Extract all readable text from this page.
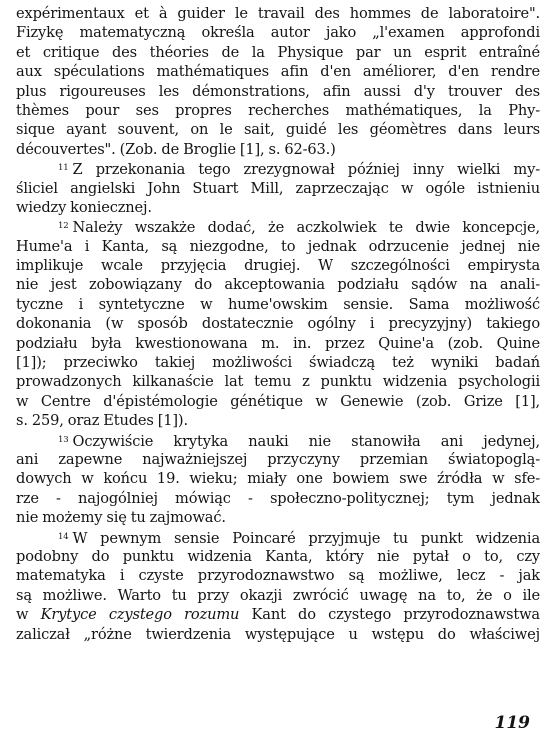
expérimentaux et à guider le travail des hommes de laboratoire".
Fizykę matematyczną określa autor jako „l'examen approfondi
et critique des théories de la Physique par un esprit entraîné
aux spéculations mathématiques afin d'en améliorer, d'en rendre
plus rigoureuses les démonstrations, afin aussi d'y trouver des
thèmes pour ses propres recherches mathématiques, la Phy-
sique ayant souvent, on le sait, guidé les géomètres dans leurs
découvertes". (Zob. de Broglie [1], s. 62-63.)
$^{11}$ Z przekonania tego zrezygnował później inny wielki my-
śliciel angielski John Stuart Mill, zaprzeczając w ogóle istnieniu
wiedzy koniecznej.
$^{12}$ Należy wszakże dodać, że aczkolwiek te dwie koncepcje,
Hume'a i Kanta, są niezgodne, to jednak odrzucenie jednej nie
implikuje wcale przyjęcia drugiej. W szczególności empirysta
nie jest zobowiązany do akceptowania podziału sądów na anali-
tyczne i syntetyczne w hume'owskim sensie. Sama możliwość
dokonania (w sposób dostatecznie ogólny i precyzyjny) takiego
podziału była kwestionowana m. in. przez Quine'a (zob. Quine
[1]); przeciwko takiej możliwości świadczą też wyniki badań
prowadzonych kilkanaście lat temu z punktu widzenia psychologii
w Centre d'épistémologie génétique w Genewie (zob. Grize [1],
s. 259, oraz Etudes [1]).
$^{13}$ Oczywiście krytyka nauki nie stanowiła ani jedynej,
ani zapewne najważniejszej przyczyny przemian światopoglą-
dowych w końcu 19. wieku; miały one bowiem swe źródła w sfe-
rze - najogólniej mówiąc - społeczno-politycznej; tym jednak
nie możemy się tu zajmować.
$^{14}$ W pewnym sensie Poincaré przyjmuje tu punkt widzenia
podobny do punktu widzenia Kanta, który nie pytał o to, czy
matematyka i czyste przyrodoznawstwo są możliwe, lecz - jak
są możliwe. Warto tu przy okazji zwrócić uwagę na to, że o ile
w Krytyce czystego rozumu Kant do czystego przyrodoznawstwa
zaliczał „różne twierdzenia występujące u wstępu do właściwej
119
